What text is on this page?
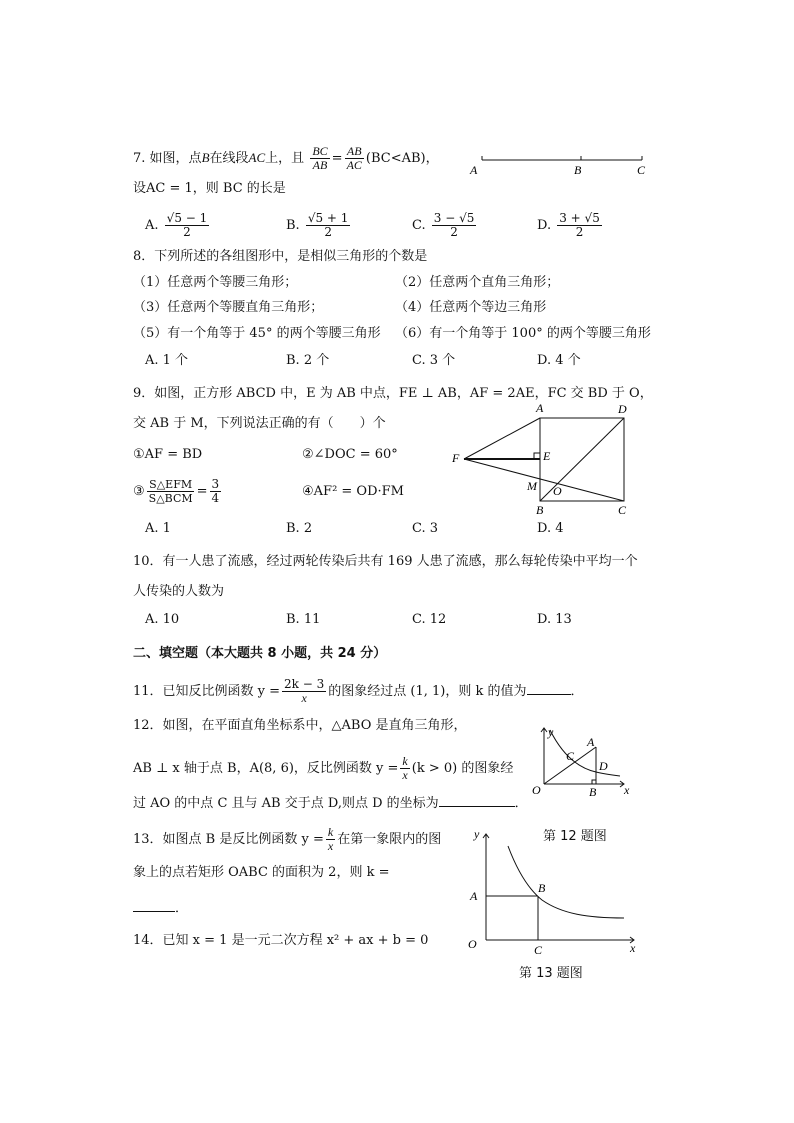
7. 如图，点B在线段AC上，且 $\frac{BC}{AB} = \frac{AB}{AC} (BC<AB)$，
设AC = 1，则 BC 的长是
A	B	C
A. $\frac{√5 - 1}{2}$	B. $\frac{√5 + 1}{2}$	C. $\frac{3 - √5}{2}$	D. $\frac{3 + √5}{2}$
8．下列所述的各组图形中，是相似三角形的个数是
（1）任意两个等腰三角形；	（2）任意两个直角三角形；
（3）任意两个等腰直角三角形；	（4）任意两个等边三角形
（5）有一个角等于 45° 的两个等腰三角形 （6）有一个角等于 100° 的两个等腰三角形
A. 1 个	B. 2 个	C. 3 个	D. 4 个
9．如图，正方形 ABCD 中，E 为 AB 中点，FE ⊥ AB，AF = 2AE，FC 交 BD 于 O，
交 AB 于 M，下列说法正确的有（　　）个
①AF = BD	②∠DOC = 60°
③ $\frac{\text{S△EFM}}{\text{S△BCM}} = \frac{3}{4}$	④AF² = OD·FM
A. 1	B. 2	C. 3	D. 4
A	D
F	E
M O
B	C
10．有一人患了流感，经过两轮传染后共有 169 人患了流感，那么每轮传染中平均一个
人传染的人数为
A. 10	B. 11	C. 12	D. 13
二、填空题（本大题共 8 小题，共 24 分）
11．已知反比例函数 $y = \frac{2k - 3}{x}$ 的图象经过点 (1, 1)，则 k 的值为	．
12．如图，在平面直角坐标系中，△ABO 是直角三角形，
AB ⊥ x 轴于点 B，A(8, 6)，反比例函数 $y = \frac{k}{x} (k > 0)$ 的图象经
过 AO 的中点 C 且与 AB 交于点 D,则点 D 的坐标为	．
y
x
O
A
C
D
B
第 12 题图
13．如图点 B 是反比例函数 $y = \frac{k}{x}$ 在第一象限内的图
象上的点若矩形 OABC 的面积为 2，则 k =
．
y
x
O
A
B
C
第 13 题图
14．已知 x = 1 是一元二次方程 x² + ax + b = 0
